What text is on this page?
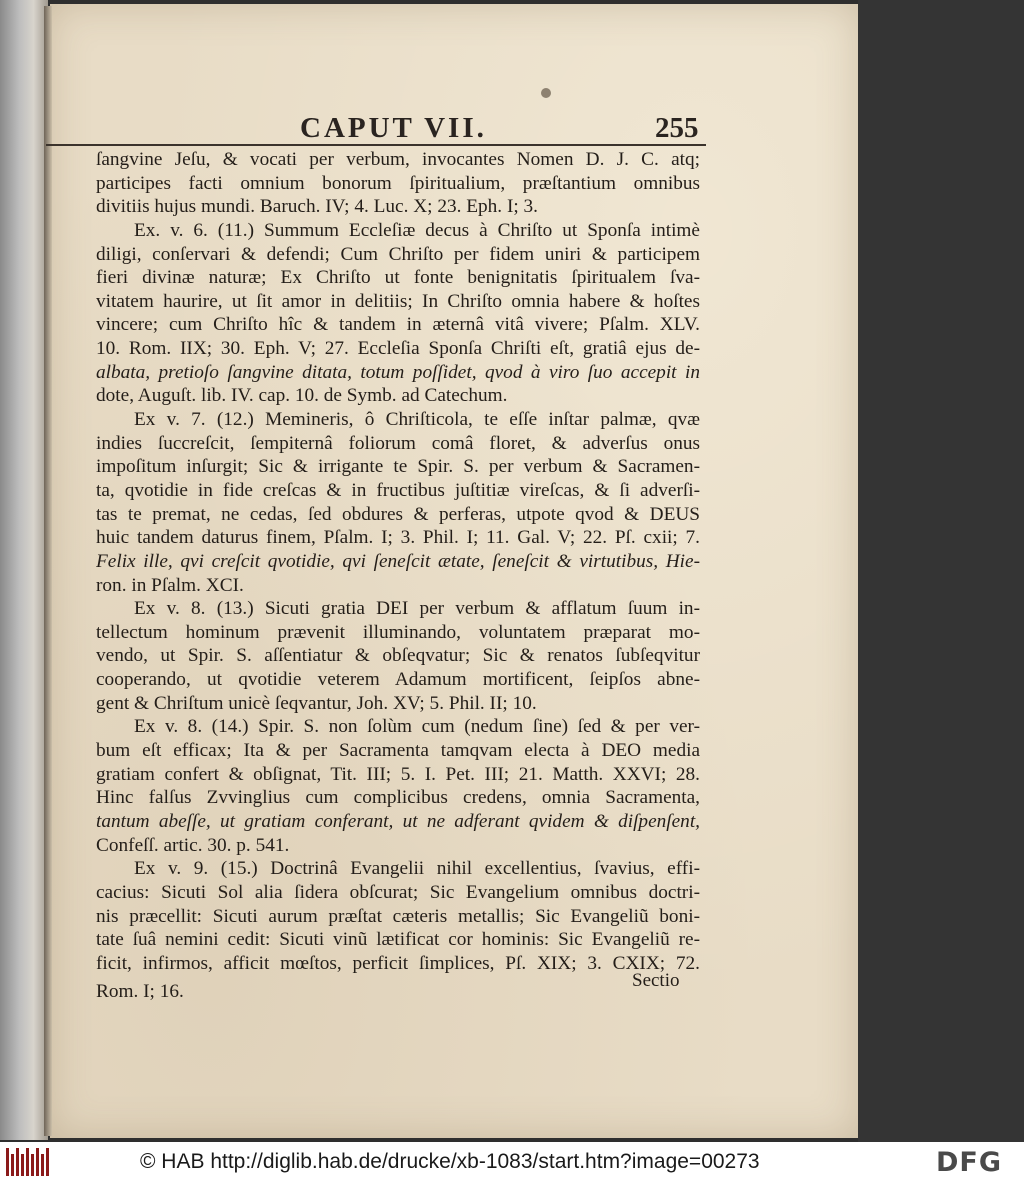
CAPUT VII.	255
ſangvine Jeſu, & vocati per verbum, invocantes Nomen D. J. C. atq;
participes facti omnium bonorum ſpiritualium, præſtantium omnibus
divitiis hujus mundi. Baruch. IV; 4. Luc. X; 23. Eph. I; 3.
Ex. v. 6. (11.) Summum Eccleſiæ decus à Chriſto ut Sponſa intimè
diligi, conſervari & defendi; Cum Chriſto per fidem uniri & participem
fieri divinæ naturæ; Ex Chriſto ut fonte benignitatis ſpiritualem ſva-
vitatem haurire, ut ſit amor in delitiis; In Chriſto omnia habere & hoſtes
vincere; cum Chriſto hîc & tandem in æternâ vitâ vivere; Pſalm. XLV.
10. Rom. IIX; 30. Eph. V; 27. Eccleſia Sponſa Chriſti eſt, gratiâ ejus de-
albata, pretioſo ſangvine ditata, totum poſſidet, qvod à viro ſuo accepit in
dote, Auguſt. lib. IV. cap. 10. de Symb. ad Catechum.
Ex v. 7. (12.) Memineris, ô Chriſticola, te eſſe inſtar palmæ, qvæ
indies ſuccreſcit, ſempiternâ foliorum comâ floret, & adverſus onus
impoſitum inſurgit; Sic & irrigante te Spir. S. per verbum & Sacramen-
ta, qvotidie in fide creſcas & in fructibus juſtitiæ vireſcas, & ſi adverſi-
tas te premat, ne cedas, ſed obdures & perferas, utpote qvod & DEUS
huic tandem daturus finem, Pſalm. I; 3. Phil. I; 11. Gal. V; 22. Pſ. cxii; 7.
Felix ille, qvi creſcit qvotidie, qvi ſeneſcit ætate, ſeneſcit & virtutibus, Hie-
ron. in Pſalm. XCI.
Ex v. 8. (13.) Sicuti gratia DEI per verbum & afflatum ſuum in-
tellectum hominum prævenit illuminando, voluntatem præparat mo-
vendo, ut Spir. S. aſſentiatur & obſeqvatur; Sic & renatos ſubſeqvitur
cooperando, ut qvotidie veterem Adamum mortificent, ſeipſos abne-
gent & Chriſtum unicè ſeqvantur, Joh. XV; 5. Phil. II; 10.
Ex v. 8. (14.) Spir. S. non ſolùm cum (nedum ſine) ſed & per ver-
bum eſt efficax; Ita & per Sacramenta tamqvam electa à DEO media
gratiam confert & obſignat, Tit. III; 5. I. Pet. III; 21. Matth. XXVI; 28.
Hinc falſus Zvvinglius cum complicibus credens, omnia Sacramenta,
tantum abeſſe, ut gratiam conferant, ut ne adferant qvidem & diſpenſent,
Confeſſ. artic. 30. p. 541.
Ex v. 9. (15.) Doctrinâ Evangelii nihil excellentius, ſvavius, effi-
cacius: Sicuti Sol alia ſidera obſcurat; Sic Evangelium omnibus doctri-
nis præcellit: Sicuti aurum præſtat cæteris metallis; Sic Evangeliũ boni-
tate ſuâ nemini cedit: Sicuti vinũ lætificat cor hominis: Sic Evangeliũ re-
ficit, infirmos, afficit mœſtos, perficit ſimplices, Pſ. XIX; 3. CXIX; 72.
Rom. I; 16.
Sectio
© HAB http://diglib.hab.de/drucke/xb-1083/start.htm?image=00273	DFG
